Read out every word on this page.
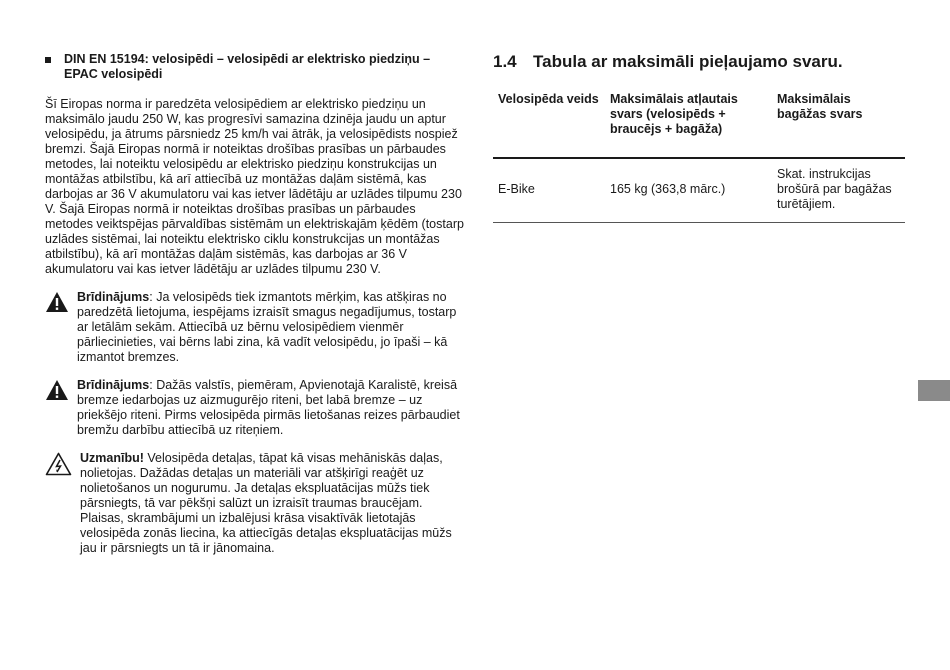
DIN EN 15194: velosipēdi – velosipēdi ar elektrisko piedziņu – EPAC velosipēdi
Šī Eiropas norma ir paredzēta velosipēdiem ar elektrisko piedziņu un maksimālo jaudu 250 W, kas progresīvi samazina dzinēja jaudu un aptur velosipēdu, ja ātrums pārsniedz 25 km/h vai ātrāk, ja velosipēdists nospiež bremzi. Šajā Eiropas normā ir noteiktas drošības prasības un pārbaudes metodes, lai noteiktu velosipēdu ar elektrisko piedziņu konstrukcijas un montāžas atbilstību, kā arī attiecībā uz montāžas daļām sistēmā, kas darbojas ar 36 V akumulatoru vai kas ietver lādētāju ar uzlādes tilpumu 230 V. Šajā Eiropas normā ir noteiktas drošības prasības un pārbaudes metodes veiktspējas pārvaldības sistēmām un elektriskajām ķēdēm (tostarp uzlādes sistēmai, lai noteiktu elektrisko ciklu konstrukcijas un montāžas atbilstību), kā arī montāžas daļām sistēmās, kas darbojas ar 36 V akumulatoru vai kas ietver lādētāju ar uzlādes tilpumu 230 V.
Brīdinājums: Ja velosipēds tiek izmantots mērķim, kas atšķiras no paredzētā lietojuma, iespējams izraisīt smagus negadījumus, tostarp ar letālām sekām. Attiecībā uz bērnu velosipēdiem vienmēr pārliecinieties, vai bērns labi zina, kā vadīt velosipēdu, jo īpaši – kā izmantot bremzes.
Brīdinājums: Dažās valstīs, piemēram, Apvienotajā Karalistē, kreisā bremze iedarbojas uz aizmugurējo riteni, bet labā bremze – uz priekšējo riteni. Pirms velosipēda pirmās lietošanas reizes pārbaudiet bremžu darbību attiecībā uz riteņiem.
Uzmanību! Velosipēda detaļas, tāpat kā visas mehāniskās daļas, nolietojas. Dažādas detaļas un materiāli var atšķirīgi reaģēt uz nolietošanos un nogurumu. Ja detaļas ekspluatācijas mūžs tiek pārsniegts, tā var pēkšņi salūzt un izraisīt traumas braucējam. Plaisas, skrambājumi un izbalējusi krāsa visaktīvāk lietotajās velosipēda zonās liecina, ka attiecīgās detaļas ekspluatācijas mūžs jau ir pārsniegts un tā ir jānomaina.
1.4 Tabula ar maksimāli pieļaujamo svaru.
Velosipēda veids	Maksimālais atļautais svars (velosipēds + braucējs + bagāža)	Maksimālais bagāžas svars
E-Bike	165 kg (363,8 mārc.)	Skat. instrukcijas brošūrā par bagāžas turētājiem.
